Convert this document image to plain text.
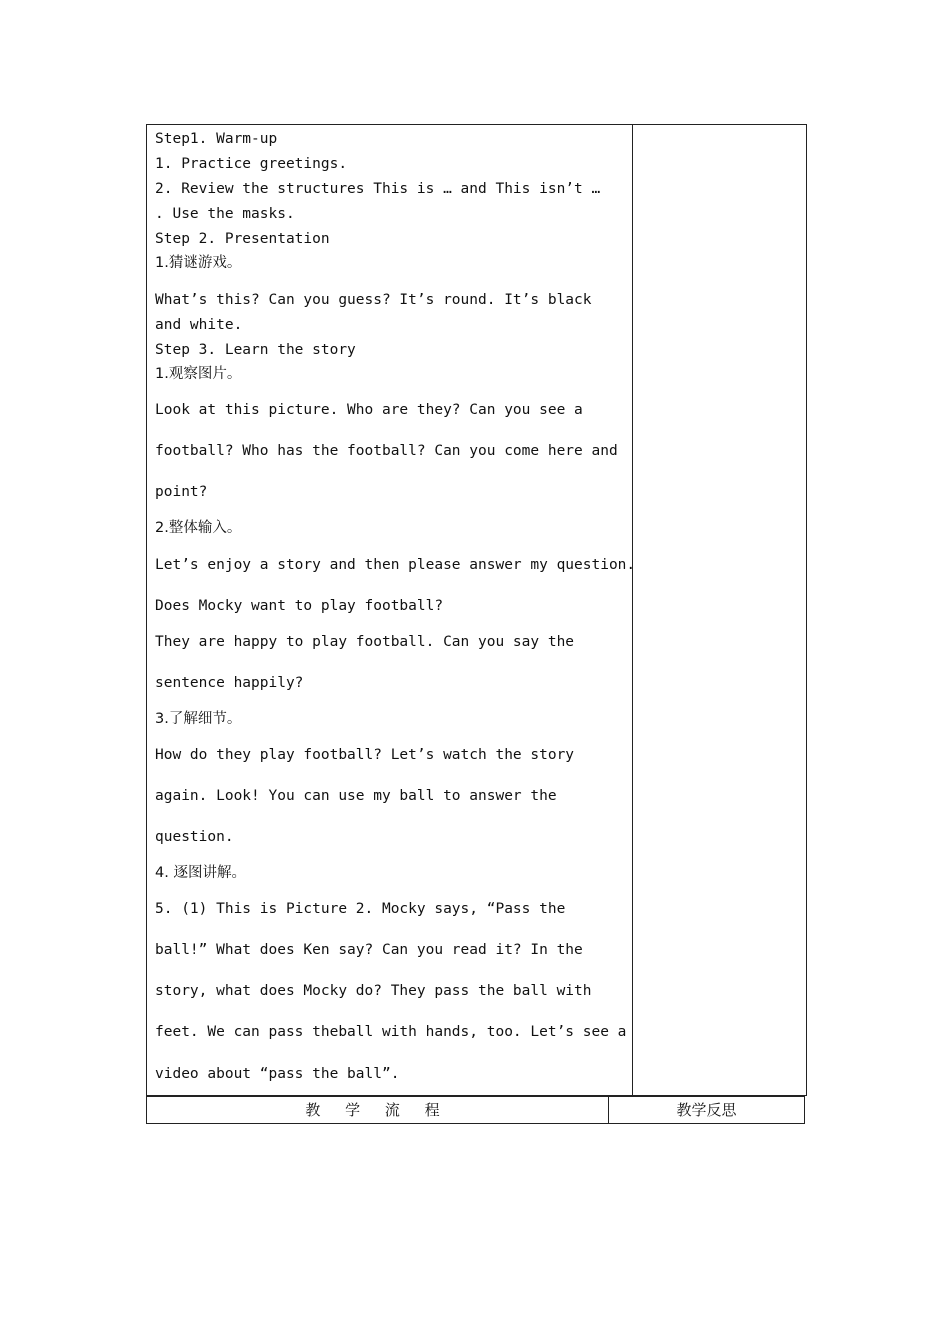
Step1. Warm-up
1. Practice greetings.
2. Review the structures This is … and This isn’t …
. Use the masks.
Step 2. Presentation
1.猜谜游戏。
What’s this? Can you guess? It’s round. It’s black
and white.
Step 3. Learn the story
1.观察图片。
Look at this picture. Who are they? Can you see a
football? Who has the football? Can you come here and
point?
2.整体输入。
Let’s enjoy a story and then please answer my question.
Does Mocky want to play football?
They are happy to play football. Can you say the
sentence happily?
3.了解细节。
How do they play football? Let’s watch the story
again. Look! You can use my ball to answer the
question.
4. 逐图讲解。
5. (1) This is Picture 2. Mocky says, “Pass the
ball!” What does Ken say? Can you read it? In the
story, what does Mocky do? They pass the ball with
feet. We can pass theball with hands, too. Let’s see a
video about “pass the ball”.
教 学 流 程	教学反思
